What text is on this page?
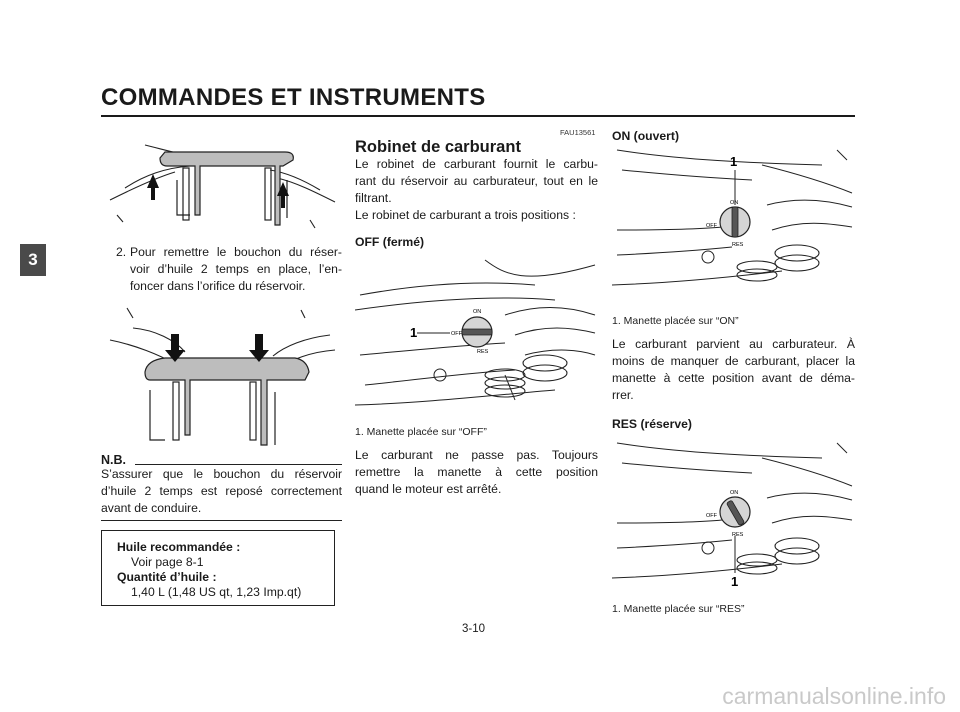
COMMANDES ET INSTRUMENTS
3	2. Pour remettre le bouchon du réser-
voir d’huile 2 temps en place, l’en-
foncer dans l’orifice du réservoir.
N.B.
S’assurer que le bouchon du réservoir
d’huile 2 temps est reposé correctement
avant de conduire.
Huile recommandée :
Voir page 8-1
Quantité d’huile :
1,40 L (1,48 US qt, 1,23 Imp.qt)
FAU13561
Robinet de carburant
Le robinet de carburant fournit le carbu-
rant du réservoir au carburateur, tout en le
filtrant.
Le robinet de carburant a trois positions :
OFF (fermé)
ON
OFF
RES
1
1. Manette placée sur “OFF”
Le carburant ne passe pas. Toujours
remettre la manette à cette position
quand le moteur est arrêté.
ON (ouvert)
ON
OFF
RES
1
1. Manette placée sur “ON”
Le carburant parvient au carburateur. À
moins de manquer de carburant, placer la
manette à cette position avant de déma-
rrer.
RES (réserve)
ON
OFF
RES
1
1. Manette placée sur “RES”
3-10
carmanualsonline.info
